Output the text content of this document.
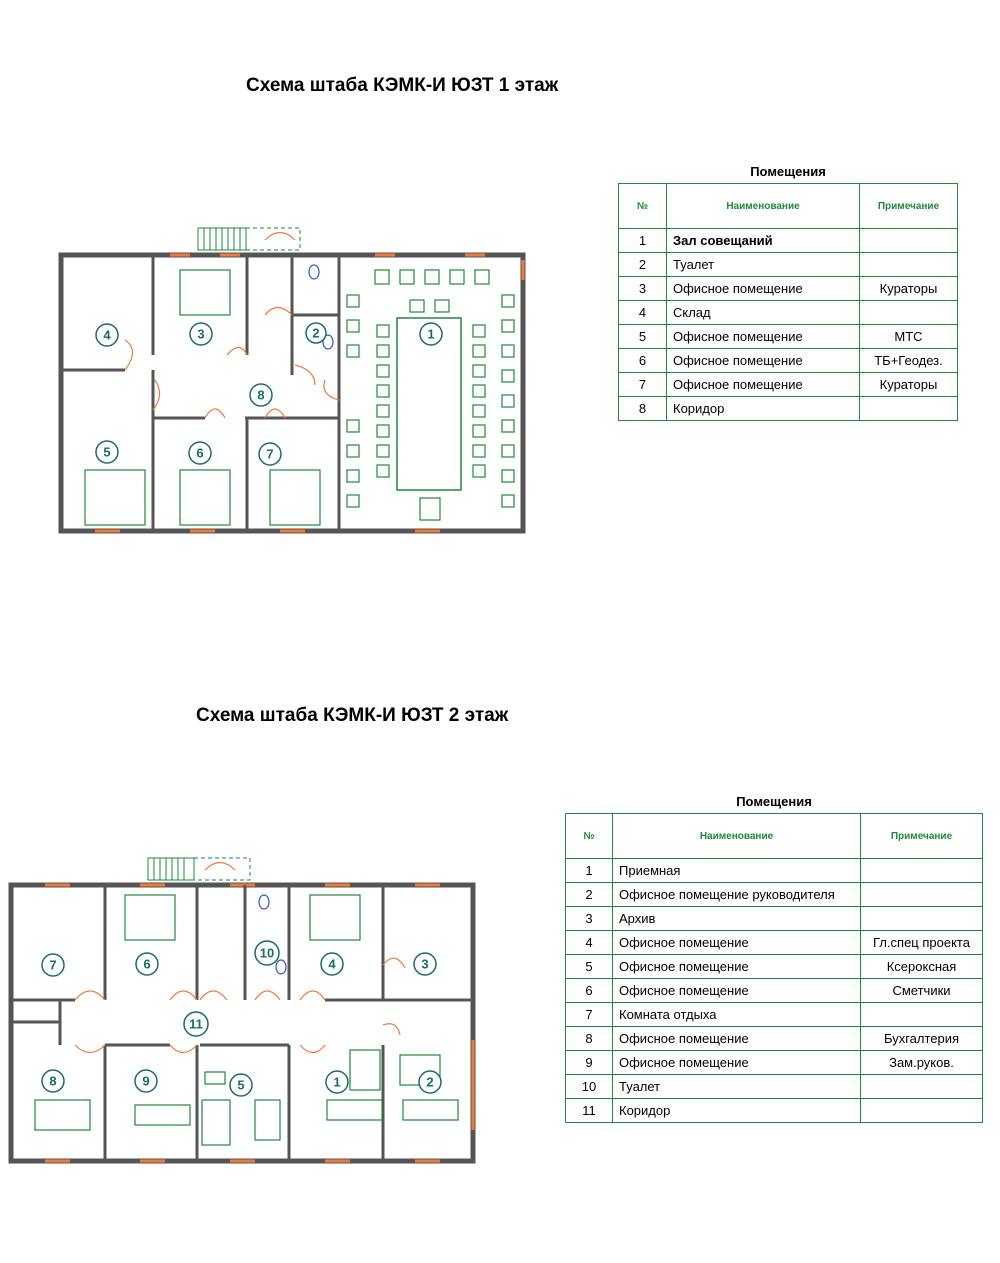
Схема штаба КЭМК-И ЮЗТ 1 этаж
1
2
3
4
5	6	7
8
Помещения
№	Наименование	Примечание
1	Зал совещаний	
2	Туалет	
3	Офисное помещение	Кураторы
4	Склад	
5	Офисное помещение	МТС
6	Офисное помещение	ТБ+Геодез.
7	Офисное помещение	Кураторы
8	Коридор	
Схема штаба КЭМК-И ЮЗТ 2 этаж
1	2
3
4
5
6
7
8	9
10
11
Помещения
№	Наименование	Примечание
1	Приемная	
2	Офисное помещение руководителя	
3	Архив	
4	Офисное помещение	Гл.спец проекта
5	Офисное помещение	Ксероксная
6	Офисное помещение	Сметчики
7	Комната отдыха	
8	Офисное помещение	Бухгалтерия
9	Офисное помещение	Зам.руков.
10	Туалет	
11	Коридор	
